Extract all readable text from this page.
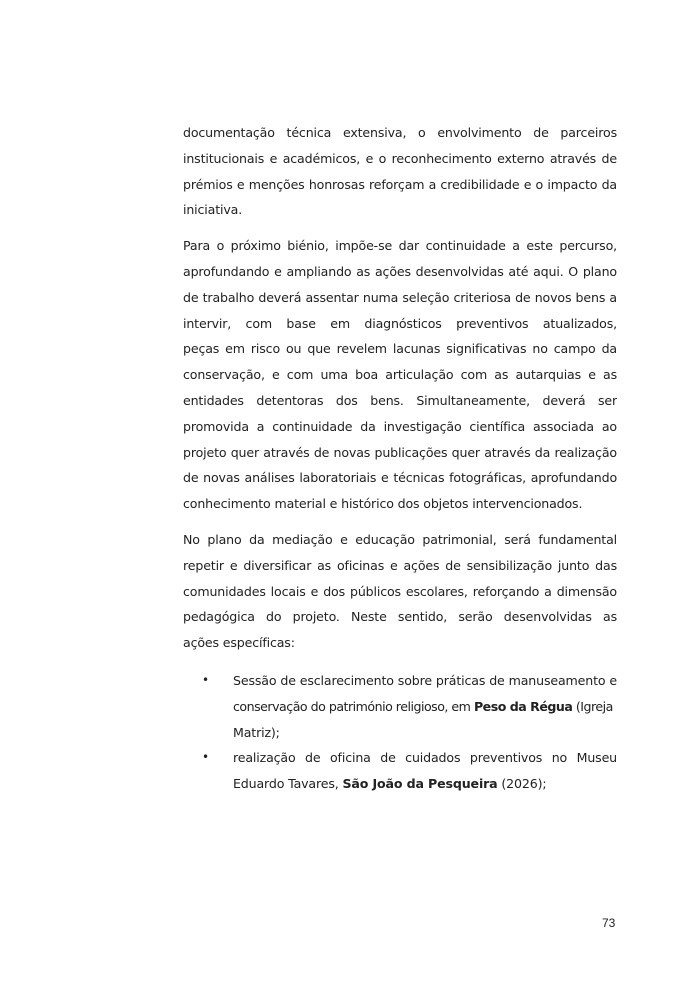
documentação técnica extensiva, o envolvimento de parceiros
institucionais e académicos, e o reconhecimento externo através de
prémios e menções honrosas reforçam a credibilidade e o impacto da
iniciativa.
Para o próximo biénio, impõe-se dar continuidade a este percurso,
aprofundando e ampliando as ações desenvolvidas até aqui. O plano
de trabalho deverá assentar numa seleção criteriosa de novos bens a
intervir, com base em diagnósticos preventivos atualizados,
peças em risco ou que revelem lacunas significativas no campo da
conservação, e com uma boa articulação com as autarquias e as
entidades detentoras dos bens. Simultaneamente, deverá ser
promovida a continuidade da investigação científica associada ao
projeto quer através de novas publicações quer através da realização
de novas análises laboratoriais e técnicas fotográficas, aprofundando
conhecimento material e histórico dos objetos intervencionados.
No plano da mediação e educação patrimonial, será fundamental
repetir e diversificar as oficinas e ações de sensibilização junto das
comunidades locais e dos públicos escolares, reforçando a dimensão
pedagógica do projeto. Neste sentido, serão desenvolvidas as
ações específicas:
• Sessão de esclarecimento sobre práticas de manuseamento e
conservação do património religioso, em Peso da Régua (Igreja
Matriz);
• realização de oficina de cuidados preventivos no Museu
Eduardo Tavares, São João da Pesqueira (2026);
73
